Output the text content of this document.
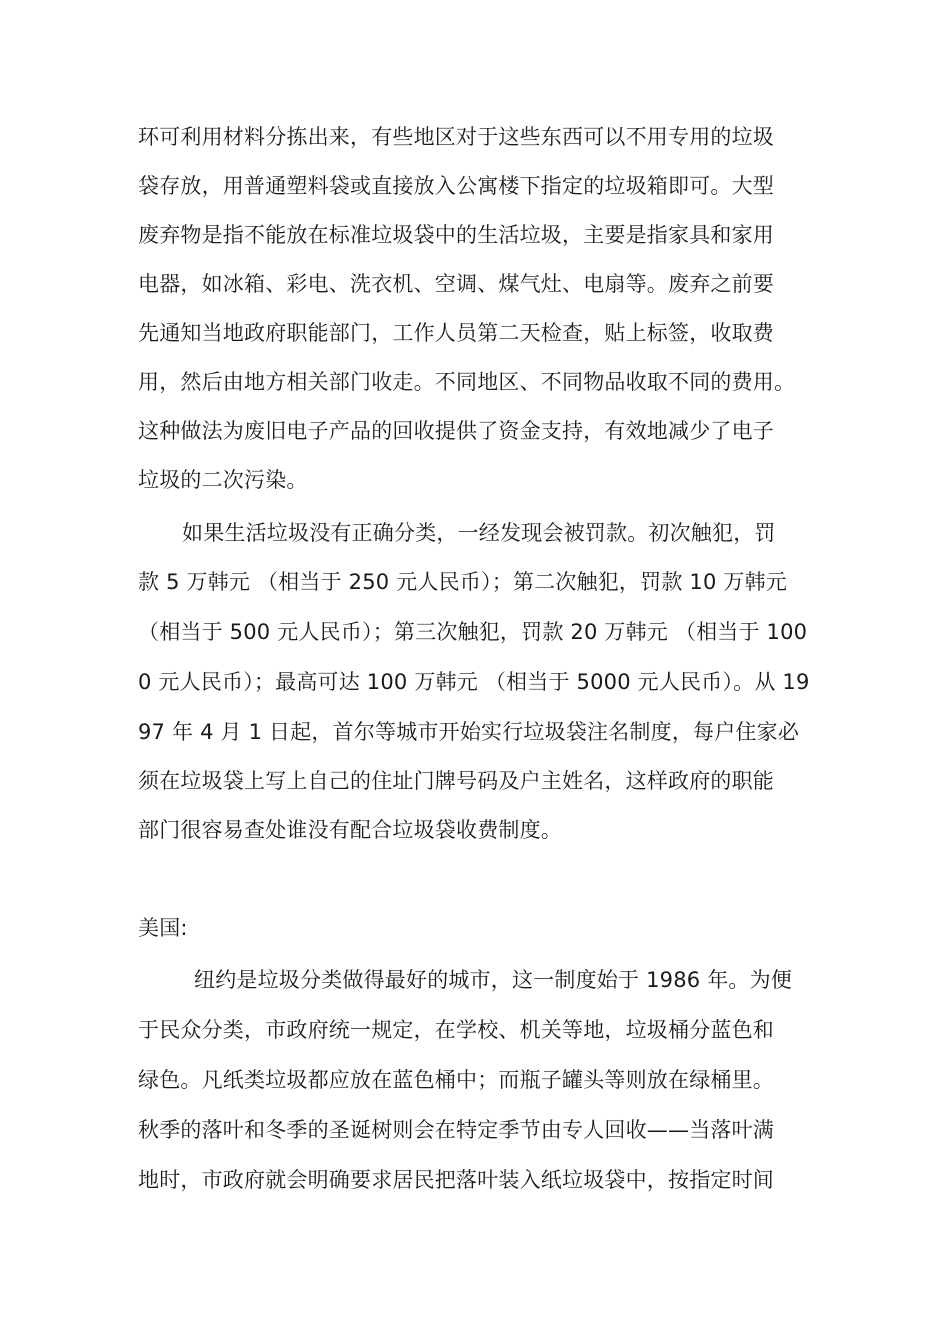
环可利用材料分拣出来，有些地区对于这些东西可以不用专用的垃圾
袋存放，用普通塑料袋或直接放入公寓楼下指定的垃圾箱即可。大型
废弃物是指不能放在标准垃圾袋中的生活垃圾，主要是指家具和家用
电器，如冰箱、彩电、洗衣机、空调、煤气灶、电扇等。废弃之前要
先通知当地政府职能部门，工作人员第二天检查，贴上标签，收取费
用，然后由地方相关部门收走。不同地区、不同物品收取不同的费用。
这种做法为废旧电子产品的回收提供了资金支持，有效地减少了电子
垃圾的二次污染。
如果生活垃圾没有正确分类，一经发现会被罚款。初次触犯，罚
款 5 万韩元 （相当于 250 元人民币）；第二次触犯，罚款 10 万韩元
（相当于 500 元人民币）；第三次触犯，罚款 20 万韩元 （相当于 100
0 元人民币）；最高可达 100 万韩元 （相当于 5000 元人民币）。从 19
97 年 4 月 1 日起，首尔等城市开始实行垃圾袋注名制度，每户住家必
须在垃圾袋上写上自己的住址门牌号码及户主姓名，这样政府的职能
部门很容易查处谁没有配合垃圾袋收费制度。
美国:
纽约是垃圾分类做得最好的城市，这一制度始于 1986 年。为便
于民众分类，市政府统一规定，在学校、机关等地，垃圾桶分蓝色和
绿色。凡纸类垃圾都应放在蓝色桶中；而瓶子罐头等则放在绿桶里。
秋季的落叶和冬季的圣诞树则会在特定季节由专人回收——当落叶满
地时，市政府就会明确要求居民把落叶装入纸垃圾袋中，按指定时间
